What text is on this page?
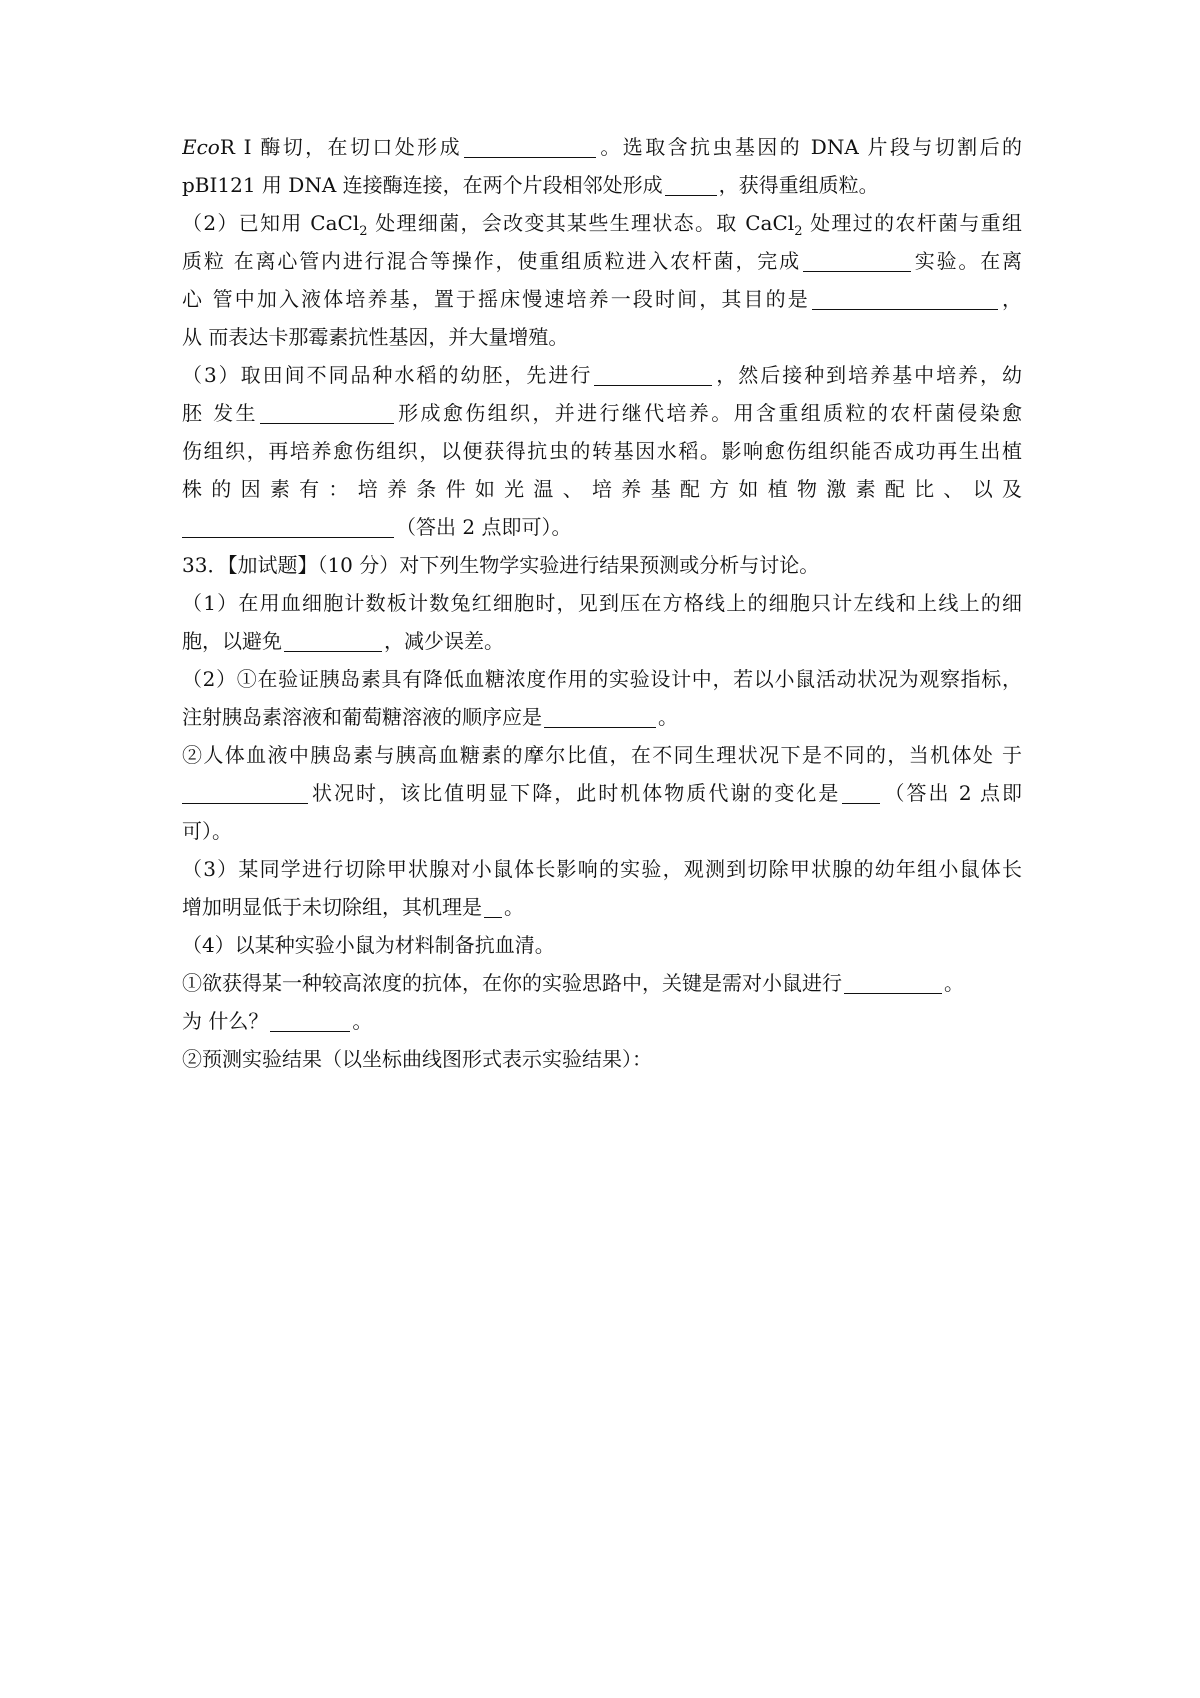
EcoR I 酶切，在切口处形成	。选取含抗虫基因的 DNA 片段与切割后的
pBI121 用 DNA 连接酶连接，在两个片段相邻处形成	，获得重组质粒。
（2）已知用 CaCl$_2$ 处理细菌，会改变其某些生理状态。取 CaCl$_2$ 处理过的农杆菌与重组
质粒 在离心管内进行混合等操作，使重组质粒进入农杆菌，完成	实验。在离
心 管中加入液体培养基，置于摇床慢速培养一段时间，其目的是	，
从 而表达卡那霉素抗性基因，并大量增殖。
（3）取田间不同品种水稻的幼胚，先进行	，然后接种到培养基中培养，幼
胚 发生	形成愈伤组织，并进行继代培养。用含重组质粒的农杆菌侵染愈
伤组织，再培养愈伤组织，以便获得抗虫的转基因水稻。影响愈伤组织能否成功再生出植
株 的 因 素 有 ： 培 养 条 件 如 光 温 、 培 养 基 配 方 如 植 物 激 素 配 比 、 以 及
（答出 2 点即可）。
33．【加试题】（10 分）对下列生物学实验进行结果预测或分析与讨论。
（1）在用血细胞计数板计数兔红细胞时，见到压在方格线上的细胞只计左线和上线上的细
胞，以避免	，减少误差。
（2）①在验证胰岛素具有降低血糖浓度作用的实验设计中，若以小鼠活动状况为观察指标，
注射胰岛素溶液和葡萄糖溶液的顺序应是	。
②人体血液中胰岛素与胰高血糖素的摩尔比值，在不同生理状况下是不同的，当机体处 于
状况时，该比值明显下降，此时机体物质代谢的变化是 （答出 2 点即
可）。
（3）某同学进行切除甲状腺对小鼠体长影响的实验，观测到切除甲状腺的幼年组小鼠体长
增加明显低于未切除组，其机理是 。
（4）以某种实验小鼠为材料制备抗血清。
①欲获得某一种较高浓度的抗体，在你的实验思路中，关键是需对小鼠进行	。
为 什么？	。
②预测实验结果（以坐标曲线图形式表示实验结果）：
